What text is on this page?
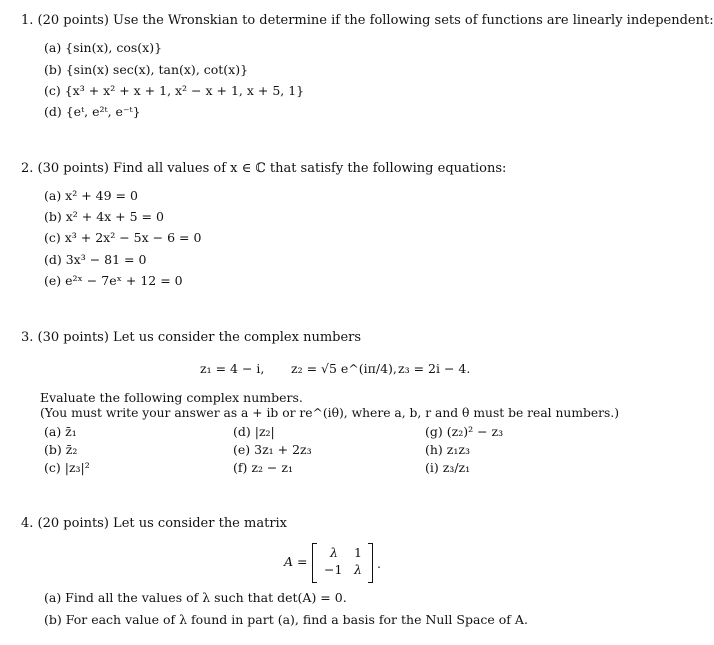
1. (20 points) Use the Wronskian to determine if the following sets of functions are linearly independent:
(a) {sin(x), cos(x)}
(b) {sin(x) sec(x), tan(x), cot(x)}
(c) {x³ + x² + x + 1, x² − x + 1, x + 5, 1}
(d) {eᵗ, e²ᵗ, e⁻ᵗ}
2. (30 points) Find all values of x ∈ ℂ that satisfy the following equations:
(a) x² + 49 = 0
(b) x² + 4x + 5 = 0
(c) x³ + 2x² − 5x − 6 = 0
(d) 3x³ − 81 = 0
(e) e²ˣ − 7eˣ + 12 = 0
3. (30 points) Let us consider the complex numbers
z₁ = 4 − i, z₂ = √5 e^(iπ/4), z₃ = 2i − 4.
Evaluate the following complex numbers.
(You must write your answer as a + ib or re^(iθ), where a, b, r and θ must be real numbers.)
(a) z̄₁
(b) z̄₂
(c) |z₃|²
(d) |z₂|
(e) 3z₁ + 2z₃
(f) z₂ − z₁
(g) (z₂)² − z₃
(h) z₁z₃
(i) z₃/z₁
4. (20 points) Let us consider the matrix
A =
λ 1
−1 λ .
(a) Find all the values of λ such that det(A) = 0.
(b) For each value of λ found in part (a), find a basis for the Null Space of A.
